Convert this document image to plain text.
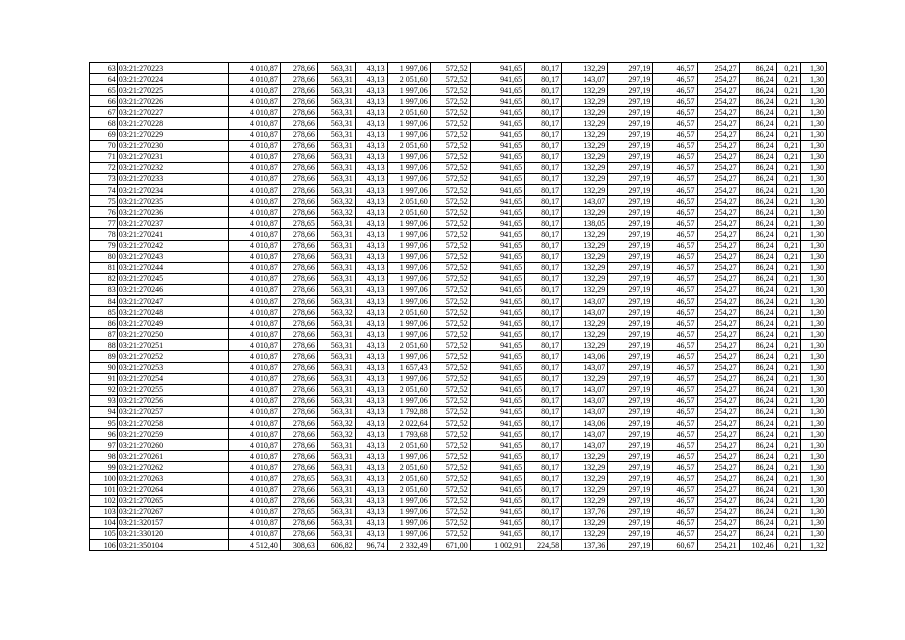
63	03:21:270223	4 010,87	278,66	563,31	43,13	1 997,06	572,52	941,65	80,17	132,29	297,19	46,57	254,27	86,24	0,21	1,30
64	03:21:270224	4 010,87	278,66	563,31	43,13	2 051,60	572,52	941,65	80,17	143,07	297,19	46,57	254,27	86,24	0,21	1,30
65	03:21:270225	4 010,87	278,66	563,31	43,13	1 997,06	572,52	941,65	80,17	132,29	297,19	46,57	254,27	86,24	0,21	1,30
66	03:21:270226	4 010,87	278,66	563,31	43,13	1 997,06	572,52	941,65	80,17	132,29	297,19	46,57	254,27	86,24	0,21	1,30
67	03:21:270227	4 010,87	278,66	563,31	43,13	2 051,60	572,52	941,65	80,17	132,29	297,19	46,57	254,27	86,24	0,21	1,30
68	03:21:270228	4 010,87	278,66	563,31	43,13	1 997,06	572,52	941,65	80,17	132,29	297,19	46,57	254,27	86,24	0,21	1,30
69	03:21:270229	4 010,87	278,66	563,31	43,13	1 997,06	572,52	941,65	80,17	132,29	297,19	46,57	254,27	86,24	0,21	1,30
70	03:21:270230	4 010,87	278,66	563,31	43,13	2 051,60	572,52	941,65	80,17	132,29	297,19	46,57	254,27	86,24	0,21	1,30
71	03:21:270231	4 010,87	278,66	563,31	43,13	1 997,06	572,52	941,65	80,17	132,29	297,19	46,57	254,27	86,24	0,21	1,30
72	03:21:270232	4 010,87	278,66	563,31	43,13	1 997,06	572,52	941,65	80,17	132,29	297,19	46,57	254,27	86,24	0,21	1,30
73	03:21:270233	4 010,87	278,66	563,31	43,13	1 997,06	572,52	941,65	80,17	132,29	297,19	46,57	254,27	86,24	0,21	1,30
74	03:21:270234	4 010,87	278,66	563,31	43,13	1 997,06	572,52	941,65	80,17	132,29	297,19	46,57	254,27	86,24	0,21	1,30
75	03:21:270235	4 010,87	278,66	563,32	43,13	2 051,60	572,52	941,65	80,17	143,07	297,19	46,57	254,27	86,24	0,21	1,30
76	03:21:270236	4 010,87	278,66	563,32	43,13	2 051,60	572,52	941,65	80,17	132,29	297,19	46,57	254,27	86,24	0,21	1,30
77	03:21:270237	4 010,87	278,65	563,31	43,13	1 997,06	572,52	941,65	80,17	138,05	297,19	46,57	254,27	86,24	0,21	1,30
78	03:21:270241	4 010,87	278,66	563,31	43,13	1 997,06	572,52	941,65	80,17	132,29	297,19	46,57	254,27	86,24	0,21	1,30
79	03:21:270242	4 010,87	278,66	563,31	43,13	1 997,06	572,52	941,65	80,17	132,29	297,19	46,57	254,27	86,24	0,21	1,30
80	03:21:270243	4 010,87	278,66	563,31	43,13	1 997,06	572,52	941,65	80,17	132,29	297,19	46,57	254,27	86,24	0,21	1,30
81	03:21:270244	4 010,87	278,66	563,31	43,13	1 997,06	572,52	941,65	80,17	132,29	297,19	46,57	254,27	86,24	0,21	1,30
82	03:21:270245	4 010,87	278,66	563,31	43,13	1 997,06	572,52	941,65	80,17	132,29	297,19	46,57	254,27	86,24	0,21	1,30
83	03:21:270246	4 010,87	278,66	563,31	43,13	1 997,06	572,52	941,65	80,17	132,29	297,19	46,57	254,27	86,24	0,21	1,30
84	03:21:270247	4 010,87	278,66	563,31	43,13	1 997,06	572,52	941,65	80,17	143,07	297,19	46,57	254,27	86,24	0,21	1,30
85	03:21:270248	4 010,87	278,66	563,32	43,13	2 051,60	572,52	941,65	80,17	143,07	297,19	46,57	254,27	86,24	0,21	1,30
86	03:21:270249	4 010,87	278,66	563,31	43,13	1 997,06	572,52	941,65	80,17	132,29	297,19	46,57	254,27	86,24	0,21	1,30
87	03:21:270250	4 010,87	278,66	563,31	43,13	1 997,06	572,52	941,65	80,17	132,29	297,19	46,57	254,27	86,24	0,21	1,30
88	03:21:270251	4 010,87	278,66	563,31	43,13	2 051,60	572,52	941,65	80,17	132,29	297,19	46,57	254,27	86,24	0,21	1,30
89	03:21:270252	4 010,87	278,66	563,31	43,13	1 997,06	572,52	941,65	80,17	143,06	297,19	46,57	254,27	86,24	0,21	1,30
90	03:21:270253	4 010,87	278,66	563,31	43,13	1 657,43	572,52	941,65	80,17	143,07	297,19	46,57	254,27	86,24	0,21	1,30
91	03:21:270254	4 010,87	278,66	563,31	43,13	1 997,06	572,52	941,65	80,17	132,29	297,19	46,57	254,27	86,24	0,21	1,30
92	03:21:270255	4 010,87	278,66	563,31	43,13	2 051,60	572,52	941,65	80,17	143,07	297,19	46,57	254,27	86,24	0,21	1,30
93	03:21:270256	4 010,87	278,66	563,31	43,13	1 997,06	572,52	941,65	80,17	143,07	297,19	46,57	254,27	86,24	0,21	1,30
94	03:21:270257	4 010,87	278,66	563,31	43,13	1 792,88	572,52	941,65	80,17	143,07	297,19	46,57	254,27	86,24	0,21	1,30
95	03:21:270258	4 010,87	278,66	563,32	43,13	2 022,64	572,52	941,65	80,17	143,06	297,19	46,57	254,27	86,24	0,21	1,30
96	03:21:270259	4 010,87	278,66	563,32	43,13	1 793,68	572,52	941,65	80,17	143,07	297,19	46,57	254,27	86,24	0,21	1,30
97	03:21:270260	4 010,87	278,66	563,31	43,13	2 051,60	572,52	941,65	80,17	143,07	297,19	46,57	254,27	86,24	0,21	1,30
98	03:21:270261	4 010,87	278,66	563,31	43,13	1 997,06	572,52	941,65	80,17	132,29	297,19	46,57	254,27	86,24	0,21	1,30
99	03:21:270262	4 010,87	278,66	563,31	43,13	2 051,60	572,52	941,65	80,17	132,29	297,19	46,57	254,27	86,24	0,21	1,30
100	03:21:270263	4 010,87	278,65	563,31	43,13	2 051,60	572,52	941,65	80,17	132,29	297,19	46,57	254,27	86,24	0,21	1,30
101	03:21:270264	4 010,87	278,66	563,31	43,13	2 051,60	572,52	941,65	80,17	132,29	297,19	46,57	254,27	86,24	0,21	1,30
102	03:21:270265	4 010,87	278,66	563,31	43,13	1 997,06	572,52	941,65	80,17	132,29	297,19	46,57	254,27	86,24	0,21	1,30
103	03:21:270267	4 010,87	278,65	563,31	43,13	1 997,06	572,52	941,65	80,17	137,76	297,19	46,57	254,27	86,24	0,21	1,30
104	03:21:320157	4 010,87	278,66	563,31	43,13	1 997,06	572,52	941,65	80,17	132,29	297,19	46,57	254,27	86,24	0,21	1,30
105	03:21:330120	4 010,87	278,66	563,31	43,13	1 997,06	572,52	941,65	80,17	132,29	297,19	46,57	254,27	86,24	0,21	1,30
106	03:21:350104	4 512,40	308,63	606,82	96,74	2 332,49	671,00	1 002,91	224,58	137,36	297,19	60,67	254,21	102,46	0,21	1,32
